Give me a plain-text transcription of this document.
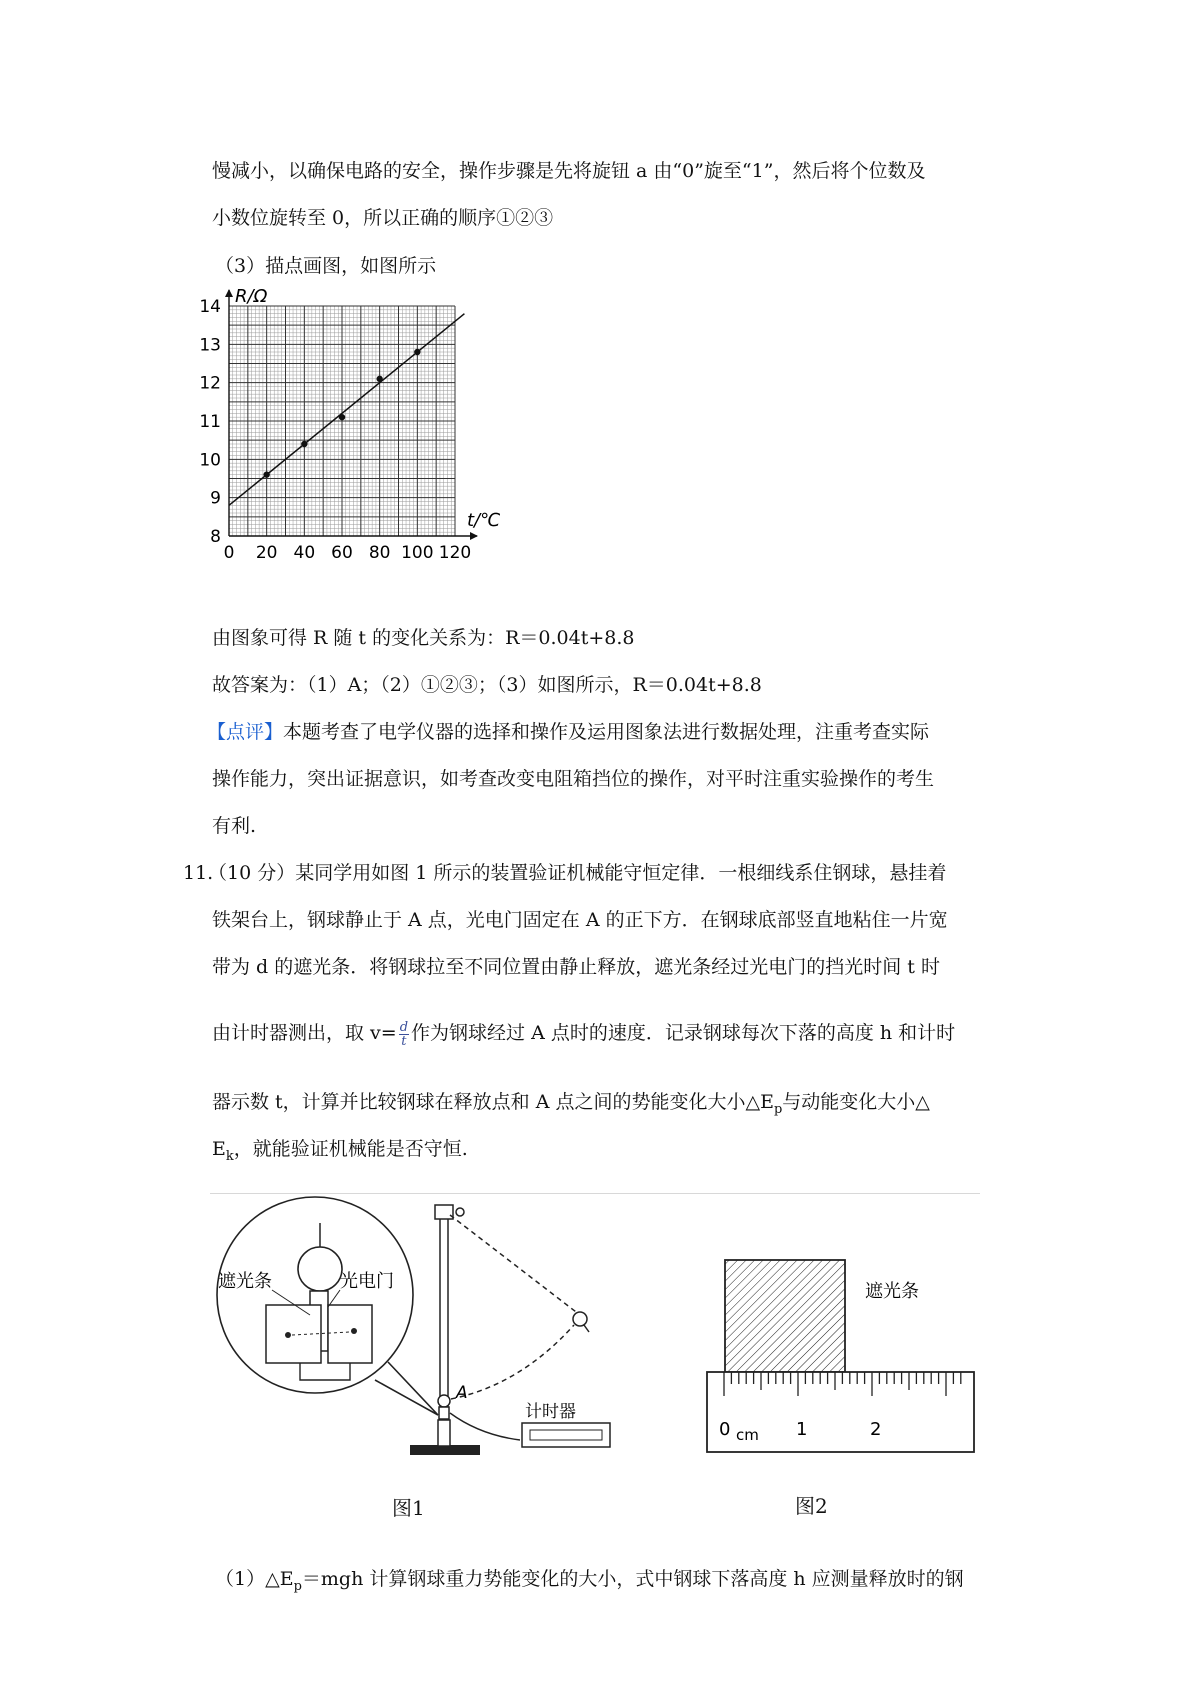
慢减小，以确保电路的安全，操作步骤是先将旋钮 a 由“0”旋至“1”，然后将个位数及
小数位旋转至 0，所以正确的顺序①②③
（3）描点画图，如图所示
0 20 40 60 80 100 120
8
9
10
11
12
13
14 R/Ω
t/℃
由图象可得 R 随 t 的变化关系为：R＝0.04t+8.8
故答案为：（1）A；（2）①②③；（3）如图所示，R＝0.04t+8.8
【点评】本题考查了电学仪器的选择和操作及运用图象法进行数据处理，注重考查实际
操作能力，突出证据意识，如考查改变电阻箱挡位的操作，对平时注重实验操作的考生
有利.
11.
（10 分）某同学用如图 1 所示的装置验证机械能守恒定律．一根细线系住钢球，悬挂着
铁架台上，钢球静止于 A 点，光电门固定在 A 的正下方．在钢球底部竖直地粘住一片宽
带为 d 的遮光条．将钢球拉至不同位置由静止释放，遮光条经过光电门的挡光时间 t 时
由计时器测出，取 $v= \frac{d}{t}$ 作为钢球经过 A 点时的速度．记录钢球每次下落的高度 h 和计时
器示数 t，计算并比较钢球在释放点和 A 点之间的势能变化大小$\triangle E_p$与动能变化大小△
$E_k$，就能验证机械能是否守恒.
遮光条	光电门
A
计时器
图1
遮光条
0 cm 1	2
图2
$(1)\triangle E_p=mgh$ 计算钢球重力势能变化的大小，式中钢球下落高度 h 应测量释放时的钢
